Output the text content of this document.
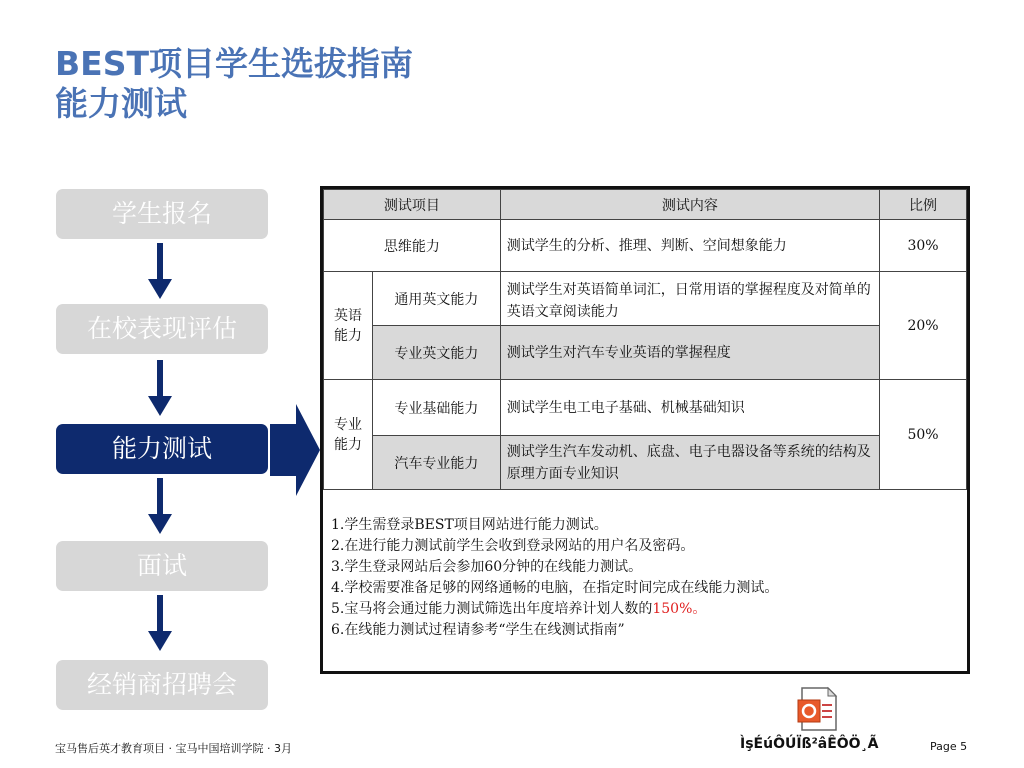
BEST项目学生选拔指南
能力测试
学生报名
在校表现评估
能力测试
面试
经销商招聘会
测试项目		测试内容	比例
思维能力		测试学生的分析、推理、判断、空间想象能力	30%
英语能力	通用英文能力	测试学生对英语简单词汇，日常用语的掌握程度及对简单的英语文章阅读能力	20%
	专业英文能力	测试学生对汽车专业英语的掌握程度	
专业能力	专业基础能力	测试学生电工电子基础、机械基础知识	50%
	汽车专业能力	测试学生汽车发动机、底盘、电子电器设备等系统的结构及原理方面专业知识	
1.学生需登录BEST项目网站进行能力测试。
2.在进行能力测试前学生会收到登录网站的用户名及密码。
3.学生登录网站后会参加60分钟的在线能力测试。
4.学校需要准备足够的网络通畅的电脑，在指定时间完成在线能力测试。
5.宝马将会通过能力测试筛选出年度培养计划人数的150%。
6.在线能力测试过程请参考“学生在线测试指南”
ÌşÉúÔÚÏß²âÊÔÖ¸Ã
宝马售后英才教育项目 · 宝马中国培训学院 · 3月	Page 5
